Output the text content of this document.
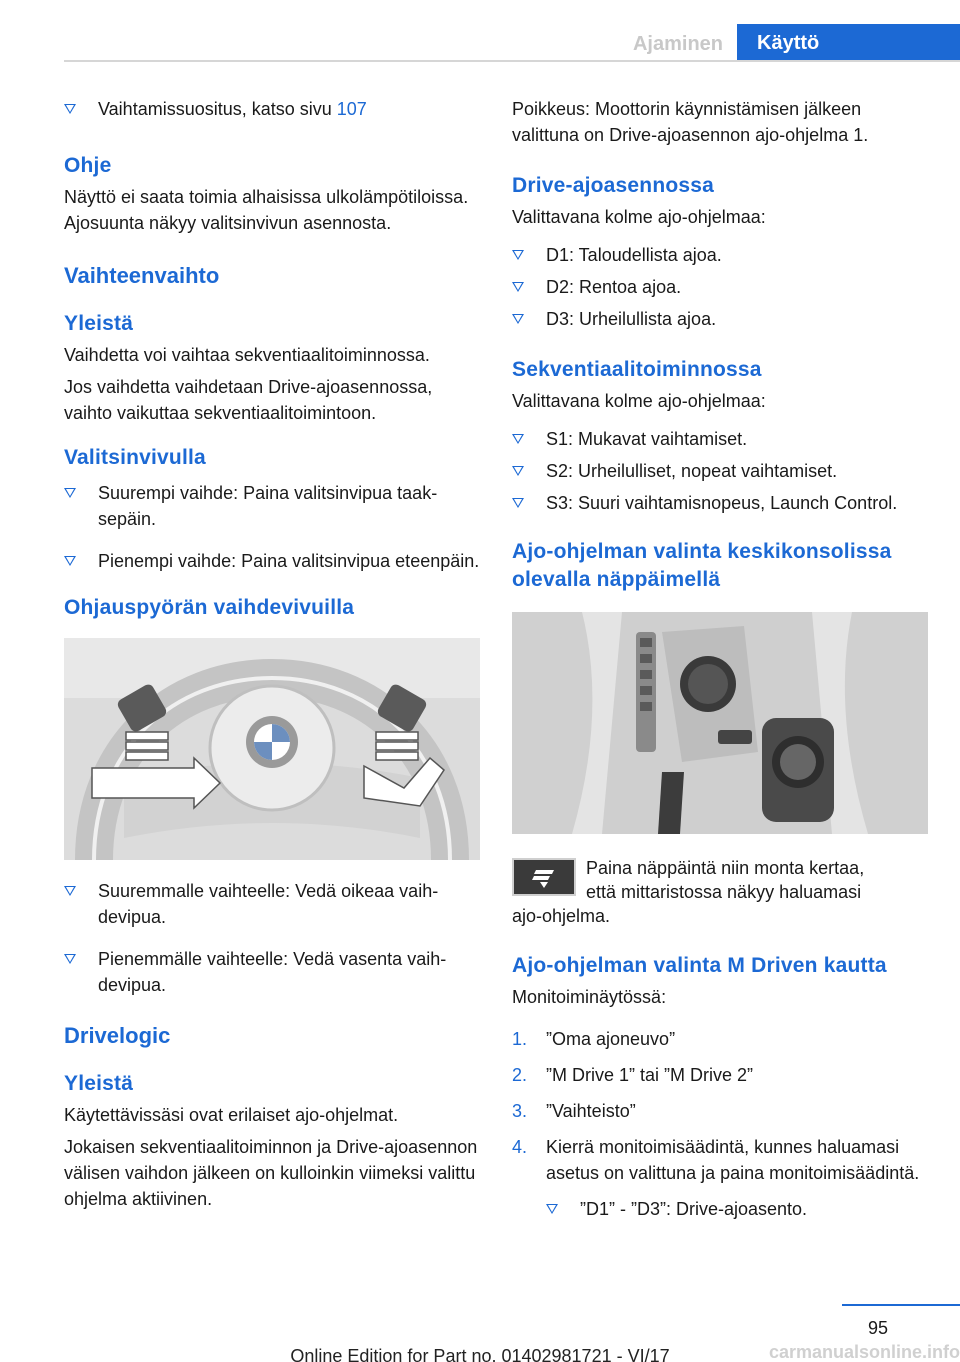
Ajaminen	Käyttö
Vaihtamissuositus, katso sivu 107
Ohje
Näyttö ei saata toimia alhaisissa ulkolämpötiloissa. Ajosuunta näkyy valitsinvivun asennosta.
Vaihteenvaihto
Yleistä
Vaihdetta voi vaihtaa sekventiaalitoiminnossa.
Jos vaihdetta vaihdetaan Drive-ajoasennossa, vaihto vaikuttaa sekventiaalitoimintoon.
Valitsinvivulla
Suurempi vaihde: Paina valitsinvipua taaksepäin.
Pienempi vaihde: Paina valitsinvipua eteenpäin.
Ohjauspyörän vaihdevivuilla
Suuremmalle vaihteelle: Vedä oikeaa vaihdevipua.
Pienemmälle vaihteelle: Vedä vasenta vaihdevipua.
Drivelogic
Yleistä
Käytettävissäsi ovat erilaiset ajo-ohjelmat.
Jokaisen sekventiaalitoiminnon ja Drive-ajoasennon välisen vaihdon jälkeen on kulloinkin viimeksi valittu ohjelma aktiivinen.
Poikkeus: Moottorin käynnistämisen jälkeen valittuna on Drive-ajoasennon ajo-ohjelma 1.
Drive-ajoasennossa
Valittavana kolme ajo-ohjelmaa:
D1: Taloudellista ajoa.
D2: Rentoa ajoa.
D3: Urheilullista ajoa.
Sekventiaalitoiminnossa
Valittavana kolme ajo-ohjelmaa:
S1: Mukavat vaihtamiset.
S2: Urheilulliset, nopeat vaihtamiset.
S3: Suuri vaihtamisnopeus, Launch Control.
Ajo-ohjelman valinta keskikonsolissa olevalla näppäimellä
Paina näppäintä niin monta kertaa,
että mittaristossa näkyy haluamasi
ajo-ohjelma.
Ajo-ohjelman valinta M Driven kautta
Monitoiminäytössä:
1. ”Oma ajoneuvo”
2. ”M Drive 1” tai ”M Drive 2”
3. ”Vaihteisto”
4. Kierrä monitoimisäädintä, kunnes haluamasi asetus on valittuna ja paina monitoimisäädintä.
”D1” - ”D3”: Drive-ajoasento.
95
Online Edition for Part no. 01402981721 - VI/17	carmanualsonline.info
